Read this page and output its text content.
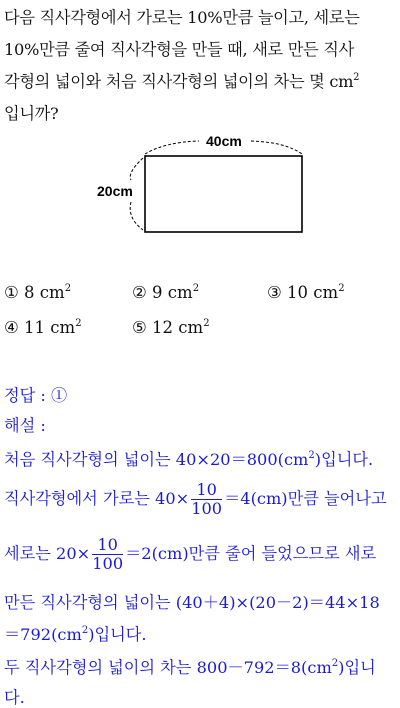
다음 직사각형에서 가로는 10%만큼 늘이고, 세로는
10%만큼 줄여 직사각형을 만들 때, 새로 만든 직사
각형의 넓이와 처음 직사각형의 넓이의 차는 몇 $cm^2$
입니까?
40cm
20cm
① 8 $cm^2$	② 9 $cm^2$	③ 10 $cm^2$
④ 11 $cm^2$	⑤ 12 $cm^2$
정답 : ①
해설 :
처음 직사각형의 넓이는 $40\times 20=800(cm^2)$입니다.
직사각형에서 가로는 $40\times \frac{10}{100} =4(cm)$만큼 늘어나고
세로는 $20\times \frac{10}{100} =2(cm)$만큼 줄어 들었으므로 새로
만든 직사각형의 넓이는 (40＋4)×(20－2)＝44×18
$=792(cm^2)$입니다.
두 직사각형의 넓이의 차는 $800-792=8(cm^2)$입니
다.
